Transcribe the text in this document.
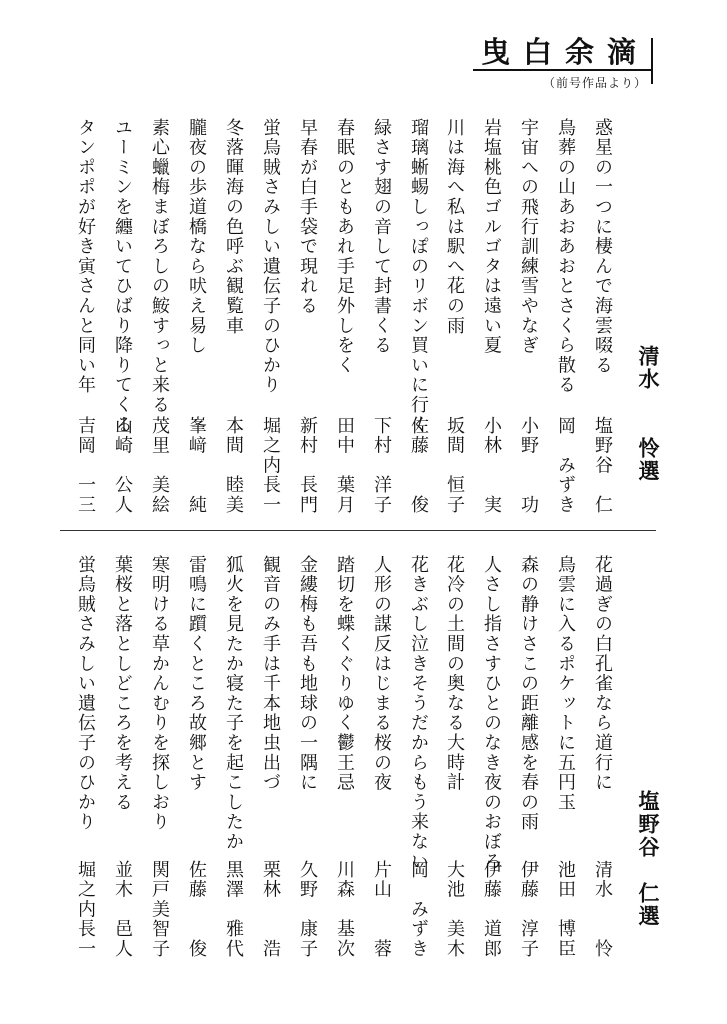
曳白余滴
（前号作品より）
清水　　怜選
塩野谷　仁選
惑星の一つに棲んで海雲啜る
塩野谷　仁
鳥葬の山あおあおとさくら散る
岡　みずき
宇宙への飛行訓練雪やなぎ
小野　　功
岩塩桃色ゴルゴタは遠い夏
小林　　実
川は海へ私は駅へ花の雨
坂間　恒子
瑠璃蜥蜴しっぽのリボン買いに行く
佐藤　　俊
緑さす翅の音して封書くる
下村　洋子
春眠のともあれ手足外しをく
田中　葉月
早春が白手袋で現れる
新村　長門
蛍烏賊さみしい遺伝子のひかり
堀之内長一
冬落暉海の色呼ぶ観覧車
本間　睦美
朧夜の歩道橋なら吠え易し
峯﨑　　純
素心蠟梅まぼろしの鮟すっと来る
茂里　美絵
ユーミンを纏いてひばり降りてくる
山崎　公人
タンポポが好き寅さんと同い年
吉岡　一三
花過ぎの白孔雀なら道行に
清水　　怜
鳥雲に入るポケットに五円玉
池田　博臣
森の静けさこの距離感を春の雨
伊藤　淳子
人さし指さすひとのなき夜のおぼろ
伊藤　道郎
花冷の土間の奥なる大時計
大池　美木
花きぶし泣きそうだからもう来ない
岡　みずき
人形の謀反はじまる桜の夜
片山　　蓉
踏切を蝶くぐりゆく鬱王忌
川森　基次
金縷梅も吾も地球の一隅に
久野　康子
観音のみ手は千本地虫出づ
栗林　　浩
狐火を見たか寝た子を起こしたか
黒澤　雅代
雷鳴に躓くところ故郷とす
佐藤　　俊
寒明ける草かんむりを探しおり
関戸美智子
葉桜と落としどころを考える
並木　邑人
蛍烏賊さみしい遺伝子のひかり
堀之内長一
